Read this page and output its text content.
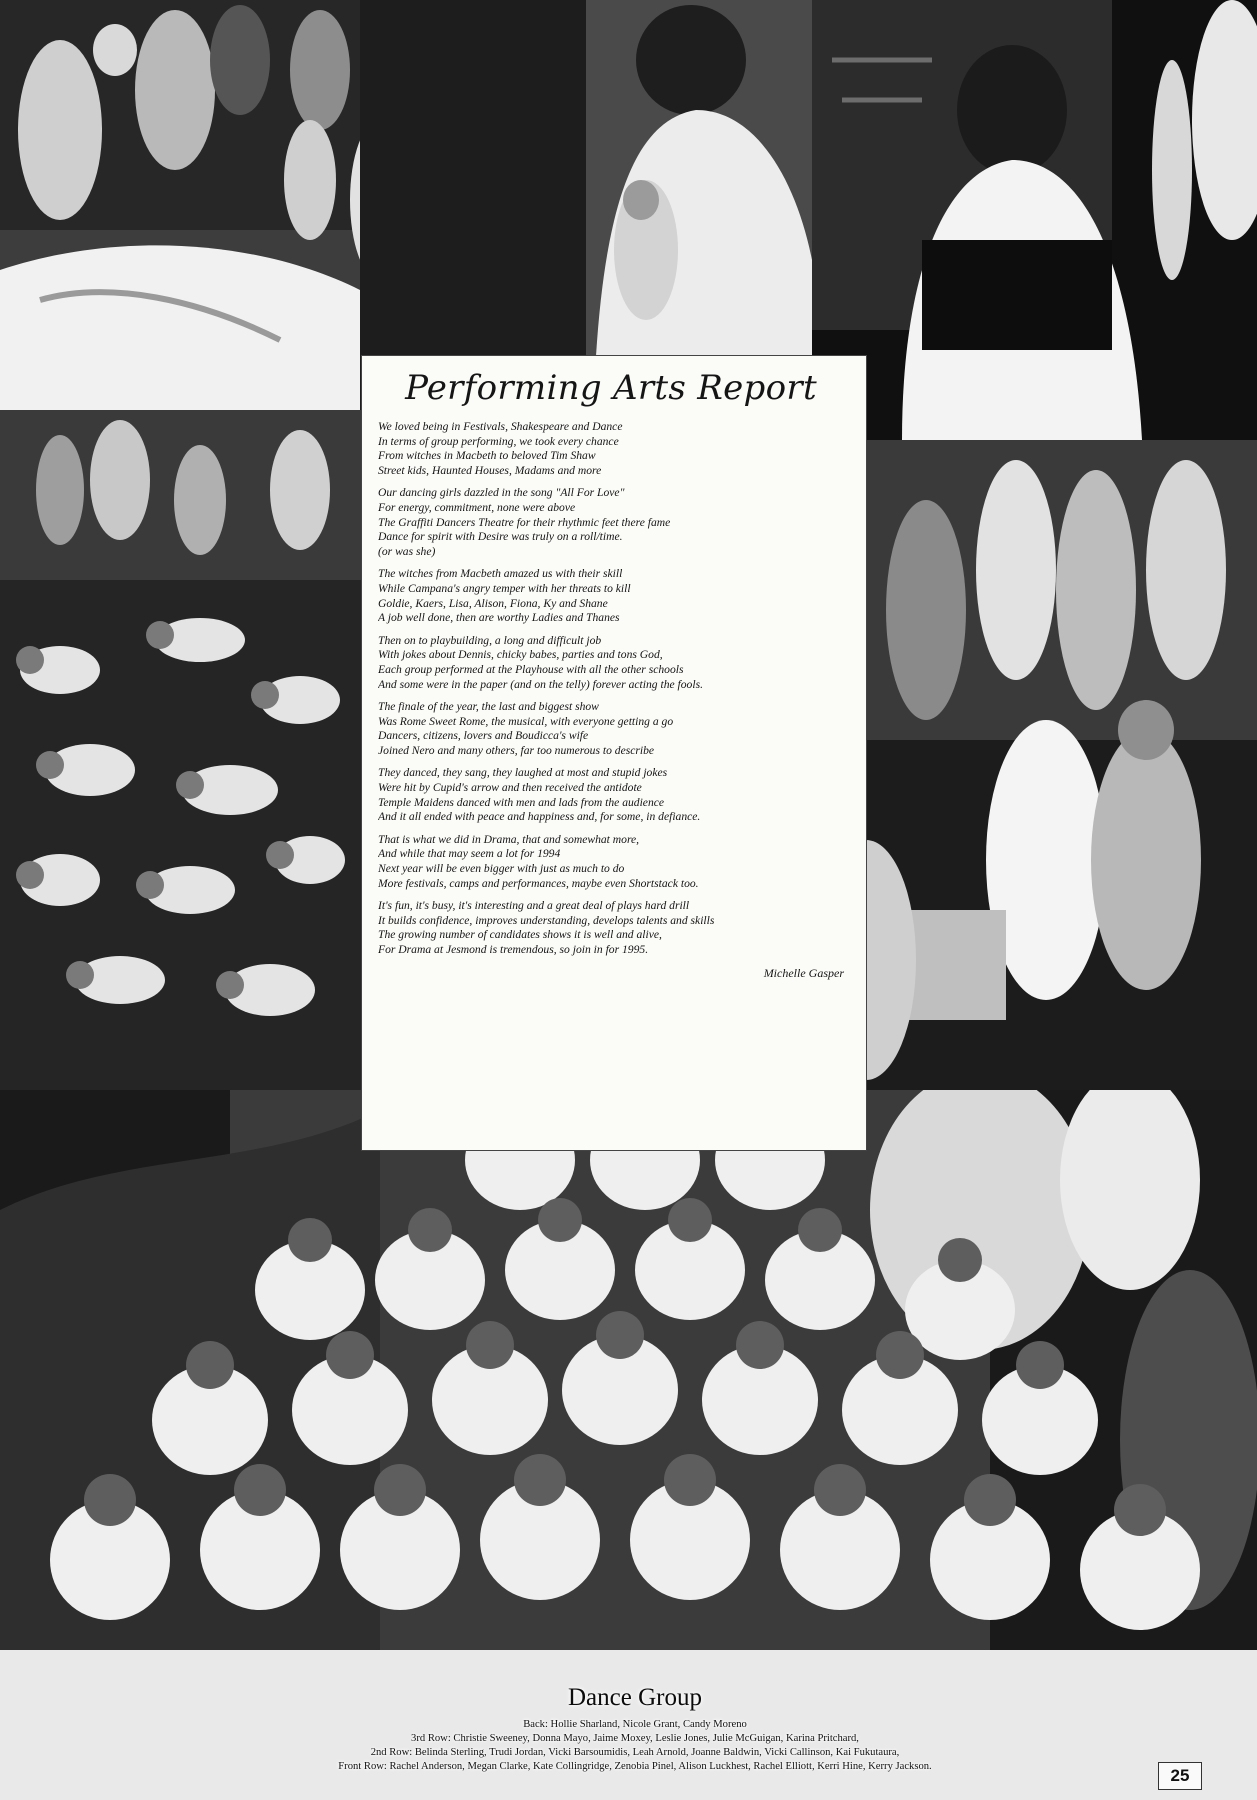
Performing Arts Report
We loved being in Festivals, Shakespeare and Dance
In terms of group performing, we took every chance
From witches in Macbeth to beloved Tim Shaw
Street kids, Haunted Houses, Madams and more
Our dancing girls dazzled in the song "All For Love"
For energy, commitment, none were above
The Graffiti Dancers Theatre for their rhythmic feet there fame
Dance for spirit with Desire was truly on a roll/time.
(or was she)
The witches from Macbeth amazed us with their skill
While Campana's angry temper with her threats to kill
Goldie, Kaers, Lisa, Alison, Fiona, Ky and Shane
A job well done, then are worthy Ladies and Thanes
Then on to playbuilding, a long and difficult job
With jokes about Dennis, chicky babes, parties and tons God,
Each group performed at the Playhouse with all the other schools
And some were in the paper (and on the telly) forever acting the fools.
The finale of the year, the last and biggest show
Was Rome Sweet Rome, the musical, with everyone getting a go
Dancers, citizens, lovers and Boudicca's wife
Joined Nero and many others, far too numerous to describe
They danced, they sang, they laughed at most and stupid jokes
Were hit by Cupid's arrow and then received the antidote
Temple Maidens danced with men and lads from the audience
And it all ended with peace and happiness and, for some, in defiance.
That is what we did in Drama, that and somewhat more,
And while that may seem a lot for 1994
Next year will be even bigger with just as much to do
More festivals, camps and performances, maybe even Shortstack too.
It's fun, it's busy, it's interesting and a great deal of plays hard drill
It builds confidence, improves understanding, develops talents and skills
The growing number of candidates shows it is well and alive,
For Drama at Jesmond is tremendous, so join in for 1995.
Michelle Gasper
Dance Group
Back: Hollie Sharland, Nicole Grant, Candy Moreno
3rd Row: Christie Sweeney, Donna Mayo, Jaime Moxey, Leslie Jones, Julie McGuigan, Karina Pritchard,
2nd Row: Belinda Sterling, Trudi Jordan, Vicki Barsoumidis, Leah Arnold, Joanne Baldwin, Vicki Callinson, Kai Fukutaura,
Front Row: Rachel Anderson, Megan Clarke, Kate Collingridge, Zenobia Pinel, Alison Luckhest, Rachel Elliott, Kerri Hine, Kerry Jackson.	25
